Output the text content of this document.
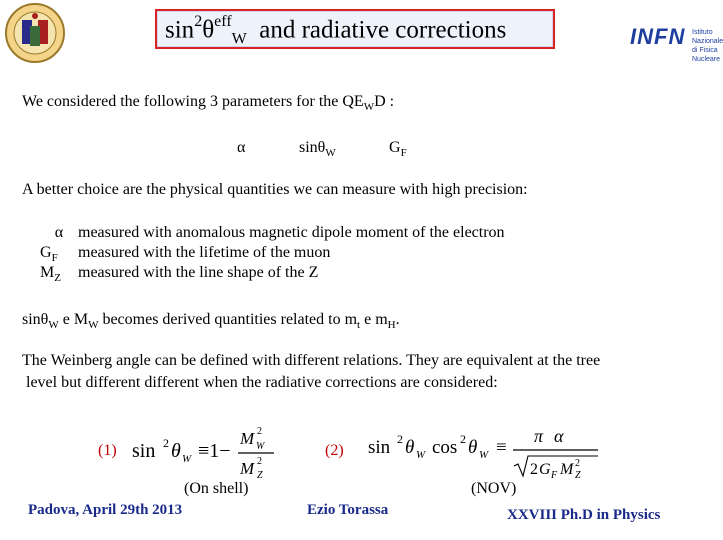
$\sin^2\theta^{eff}_W$ and radiative corrections	INFN Istituto Nazionale
di Fisica Nucleare
We considered the following 3 parameters for the $QE_WD$ :
α	sinθ$_W$	$G_F$
A better choice are the physical quantities we can measure with high precision:
α measured with anomalous magnetic dipole moment of the electron
$G_F$ measured with the lifetime of the muon
$M_Z$ measured with the line shape of the Z
sinθ$_W$ e $M_W$ becomes derived quantities related to $m_t$ e $m_H$.
The Weinberg angle can be defined with different relations. They are equivalent at the tree
level but different different when the radiative corrections are considered:
(1)	(2)
sin 2 θ W ≡1−
M 2
W
M 2
Z
sin 2 θ W cos 2 θ W ≡
π α
2 G F M 2
Z
(On shell)	(NOV)
Padova, April 29th 2013	Ezio Torassa	XXVIII Ph.D in Physics
